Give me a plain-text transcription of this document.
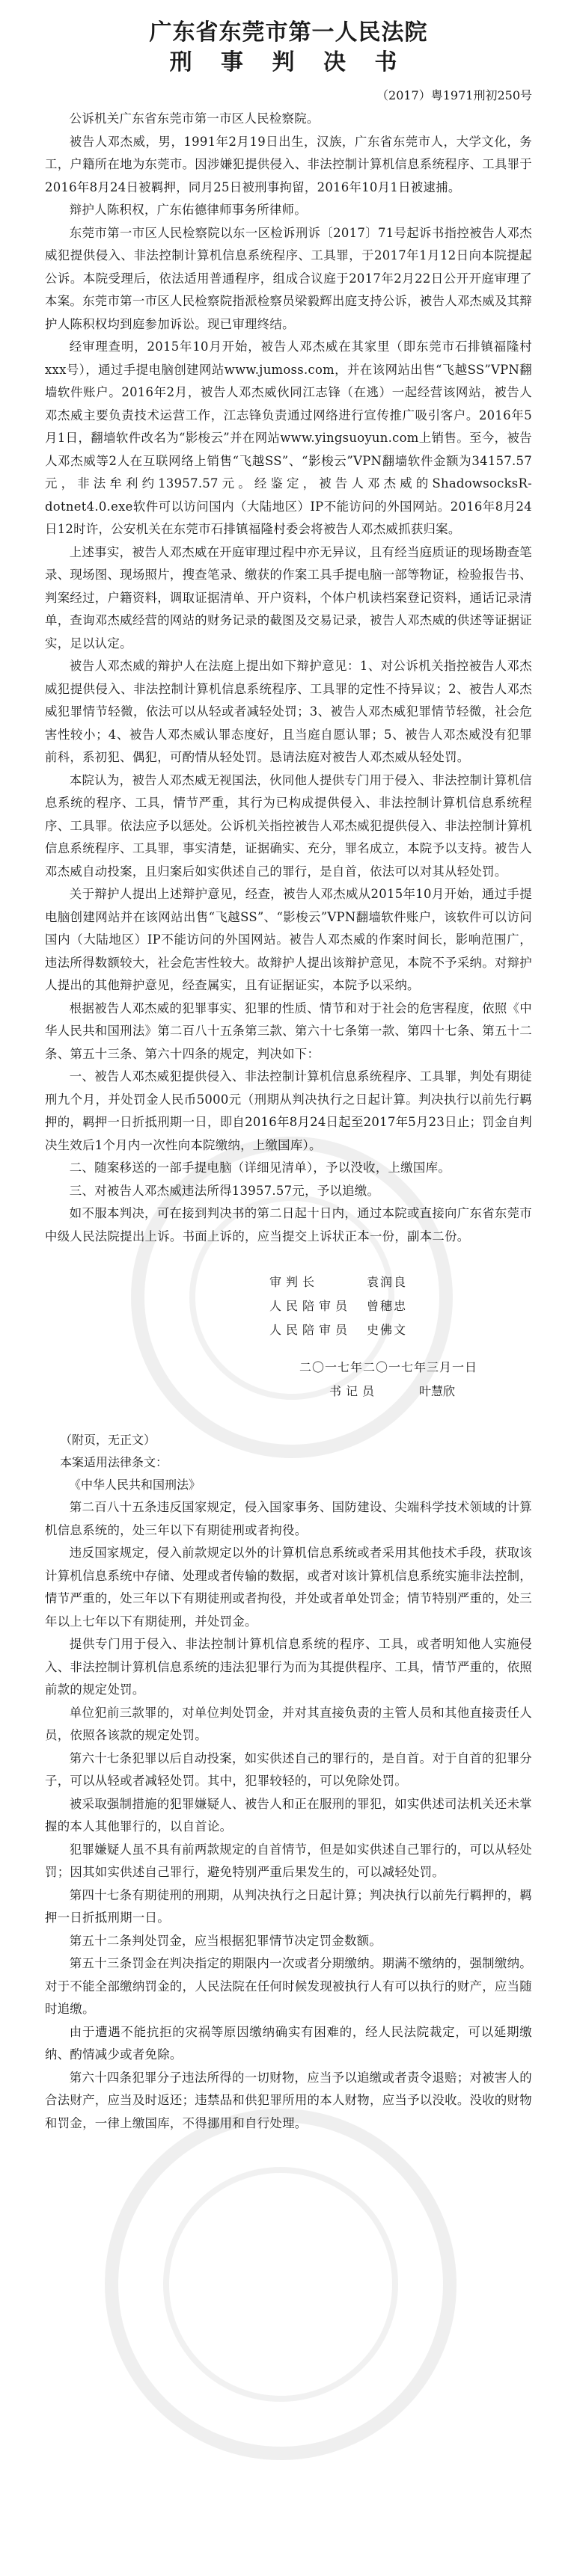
广东省东莞市第一人民法院
刑 事 判 决 书
（2017）粤1971刑初250号

公诉机关广东省东莞市第一市区人民检察院。

被告人邓杰威，男，1991年2月19日出生，汉族，广东省东莞市人，大学文化，务工，户籍所在地为东莞市。因涉嫌犯提供侵入、非法控制计算机信息系统程序、工具罪于2016年8月24日被羁押，同月25日被刑事拘留，2016年10月1日被逮捕。

辩护人陈积权，广东佑德律师事务所律师。

东莞市第一市区人民检察院以东一区检诉刑诉〔2017〕71号起诉书指控被告人邓杰威犯提供侵入、非法控制计算机信息系统程序、工具罪，于2017年1月12日向本院提起公诉。本院受理后，依法适用普通程序，组成合议庭于2017年2月22日公开开庭审理了本案。东莞市第一市区人民检察院指派检察员梁毅辉出庭支持公诉，被告人邓杰威及其辩护人陈积权均到庭参加诉讼。现已审理终结。

经审理查明，2015年10月开始，被告人邓杰威在其家里（即东莞市石排镇福隆村xxx号），通过手提电脑创建网站www.jumoss.com，并在该网站出售“飞越SS”VPN翻墙软件账户。2016年2月，被告人邓杰威伙同江志锋（在逃）一起经营该网站，被告人邓杰威主要负责技术运营工作，江志锋负责通过网络进行宣传推广吸引客户。2016年5月1日，翻墙软件改名为“影梭云”并在网站www.yingsuoyun.com上销售。至今，被告人邓杰威等2人在互联网络上销售“飞越SS”、“影梭云”VPN翻墙软件金额为34157.57元，非法牟利约13957.57元。经鉴定，被告人邓杰威的ShadowsocksR-dotnet4.0.exe软件可以访问国内（大陆地区）IP不能访问的外国网站。2016年8月24日12时许，公安机关在东莞市石排镇福隆村委会将被告人邓杰威抓获归案。

上述事实，被告人邓杰威在开庭审理过程中亦无异议，且有经当庭质证的现场勘查笔录、现场图、现场照片，搜查笔录、缴获的作案工具手提电脑一部等物证，检验报告书、判案经过，户籍资料，调取证据清单、开户资料，个体户机读档案登记资料，通话记录清单，查询邓杰威经营的网站的财务记录的截图及交易记录，被告人邓杰威的供述等证据证实，足以认定。

被告人邓杰威的辩护人在法庭上提出如下辩护意见：1、对公诉机关指控被告人邓杰威犯提供侵入、非法控制计算机信息系统程序、工具罪的定性不持异议；2、被告人邓杰威犯罪情节轻微，依法可以从轻或者减轻处罚；3、被告人邓杰威犯罪情节轻微，社会危害性较小；4、被告人邓杰威认罪态度好，且当庭自愿认罪；5、被告人邓杰威没有犯罪前科，系初犯、偶犯，可酌情从轻处罚。恳请法庭对被告人邓杰威从轻处罚。

本院认为，被告人邓杰威无视国法，伙同他人提供专门用于侵入、非法控制计算机信息系统的程序、工具，情节严重，其行为已构成提供侵入、非法控制计算机信息系统程序、工具罪。依法应予以惩处。公诉机关指控被告人邓杰威犯提供侵入、非法控制计算机信息系统程序、工具罪，事实清楚，证据确实、充分，罪名成立，本院予以支持。被告人邓杰威自动投案，且归案后如实供述自己的罪行，是自首，依法可以对其从轻处罚。

关于辩护人提出上述辩护意见，经查，被告人邓杰威从2015年10月开始，通过手提电脑创建网站并在该网站出售“飞越SS”、“影梭云”VPN翻墙软件账户，该软件可以访问国内（大陆地区）IP不能访问的外国网站。被告人邓杰威的作案时间长，影响范围广，违法所得数额较大，社会危害性较大。故辩护人提出该辩护意见，本院不予采纳。对辩护人提出的其他辩护意见，经查属实，且有证据证实，本院予以采纳。

根据被告人邓杰威的犯罪事实、犯罪的性质、情节和对于社会的危害程度，依照《中华人民共和国刑法》第二百八十五条第三款、第六十七条第一款、第四十七条、第五十二条、第五十三条、第六十四条的规定，判决如下：

一、被告人邓杰威犯提供侵入、非法控制计算机信息系统程序、工具罪，判处有期徒刑九个月，并处罚金人民币5000元（刑期从判决执行之日起计算。判决执行以前先行羁押的，羁押一日折抵刑期一日，即自2016年8月24日起至2017年5月23日止；罚金自判决生效后1个月内一次性向本院缴纳，上缴国库）。

二、随案移送的一部手提电脑（详细见清单），予以没收，上缴国库。

三、对被告人邓杰威违法所得13957.57元，予以追缴。

如不服本判决，可在接到判决书的第二日起十日内，通过本院或直接向广东省东莞市中级人民法院提出上诉。书面上诉的，应当提交上诉状正本一份，副本二份。

审判长	袁润良
人民陪审员	曾穗忠
人民陪审员	史佛文
二〇一七年二〇一七年三月一日
书记员	叶慧欣

（附页，无正文）

本案适用法律条文：

《中华人民共和国刑法》

第二百八十五条违反国家规定，侵入国家事务、国防建设、尖端科学技术领域的计算机信息系统的，处三年以下有期徒刑或者拘役。

违反国家规定，侵入前款规定以外的计算机信息系统或者采用其他技术手段，获取该计算机信息系统中存储、处理或者传输的数据，或者对该计算机信息系统实施非法控制，情节严重的，处三年以下有期徒刑或者拘役，并处或者单处罚金；情节特别严重的，处三年以上七年以下有期徒刑，并处罚金。

提供专门用于侵入、非法控制计算机信息系统的程序、工具，或者明知他人实施侵入、非法控制计算机信息系统的违法犯罪行为而为其提供程序、工具，情节严重的，依照前款的规定处罚。

单位犯前三款罪的，对单位判处罚金，并对其直接负责的主管人员和其他直接责任人员，依照各该款的规定处罚。

第六十七条犯罪以后自动投案，如实供述自己的罪行的，是自首。对于自首的犯罪分子，可以从轻或者减轻处罚。其中，犯罪较轻的，可以免除处罚。

被采取强制措施的犯罪嫌疑人、被告人和正在服刑的罪犯，如实供述司法机关还未掌握的本人其他罪行的，以自首论。

犯罪嫌疑人虽不具有前两款规定的自首情节，但是如实供述自己罪行的，可以从轻处罚；因其如实供述自己罪行，避免特别严重后果发生的，可以减轻处罚。

第四十七条有期徒刑的刑期，从判决执行之日起计算；判决执行以前先行羁押的，羁押一日折抵刑期一日。

第五十二条判处罚金，应当根据犯罪情节决定罚金数额。

第五十三条罚金在判决指定的期限内一次或者分期缴纳。期满不缴纳的，强制缴纳。对于不能全部缴纳罚金的，人民法院在任何时候发现被执行人有可以执行的财产，应当随时追缴。

由于遭遇不能抗拒的灾祸等原因缴纳确实有困难的，经人民法院裁定，可以延期缴纳、酌情减少或者免除。

第六十四条犯罪分子违法所得的一切财物，应当予以追缴或者责令退赔；对被害人的合法财产，应当及时返还；违禁品和供犯罪所用的本人财物，应当予以没收。没收的财物和罚金，一律上缴国库，不得挪用和自行处理。
